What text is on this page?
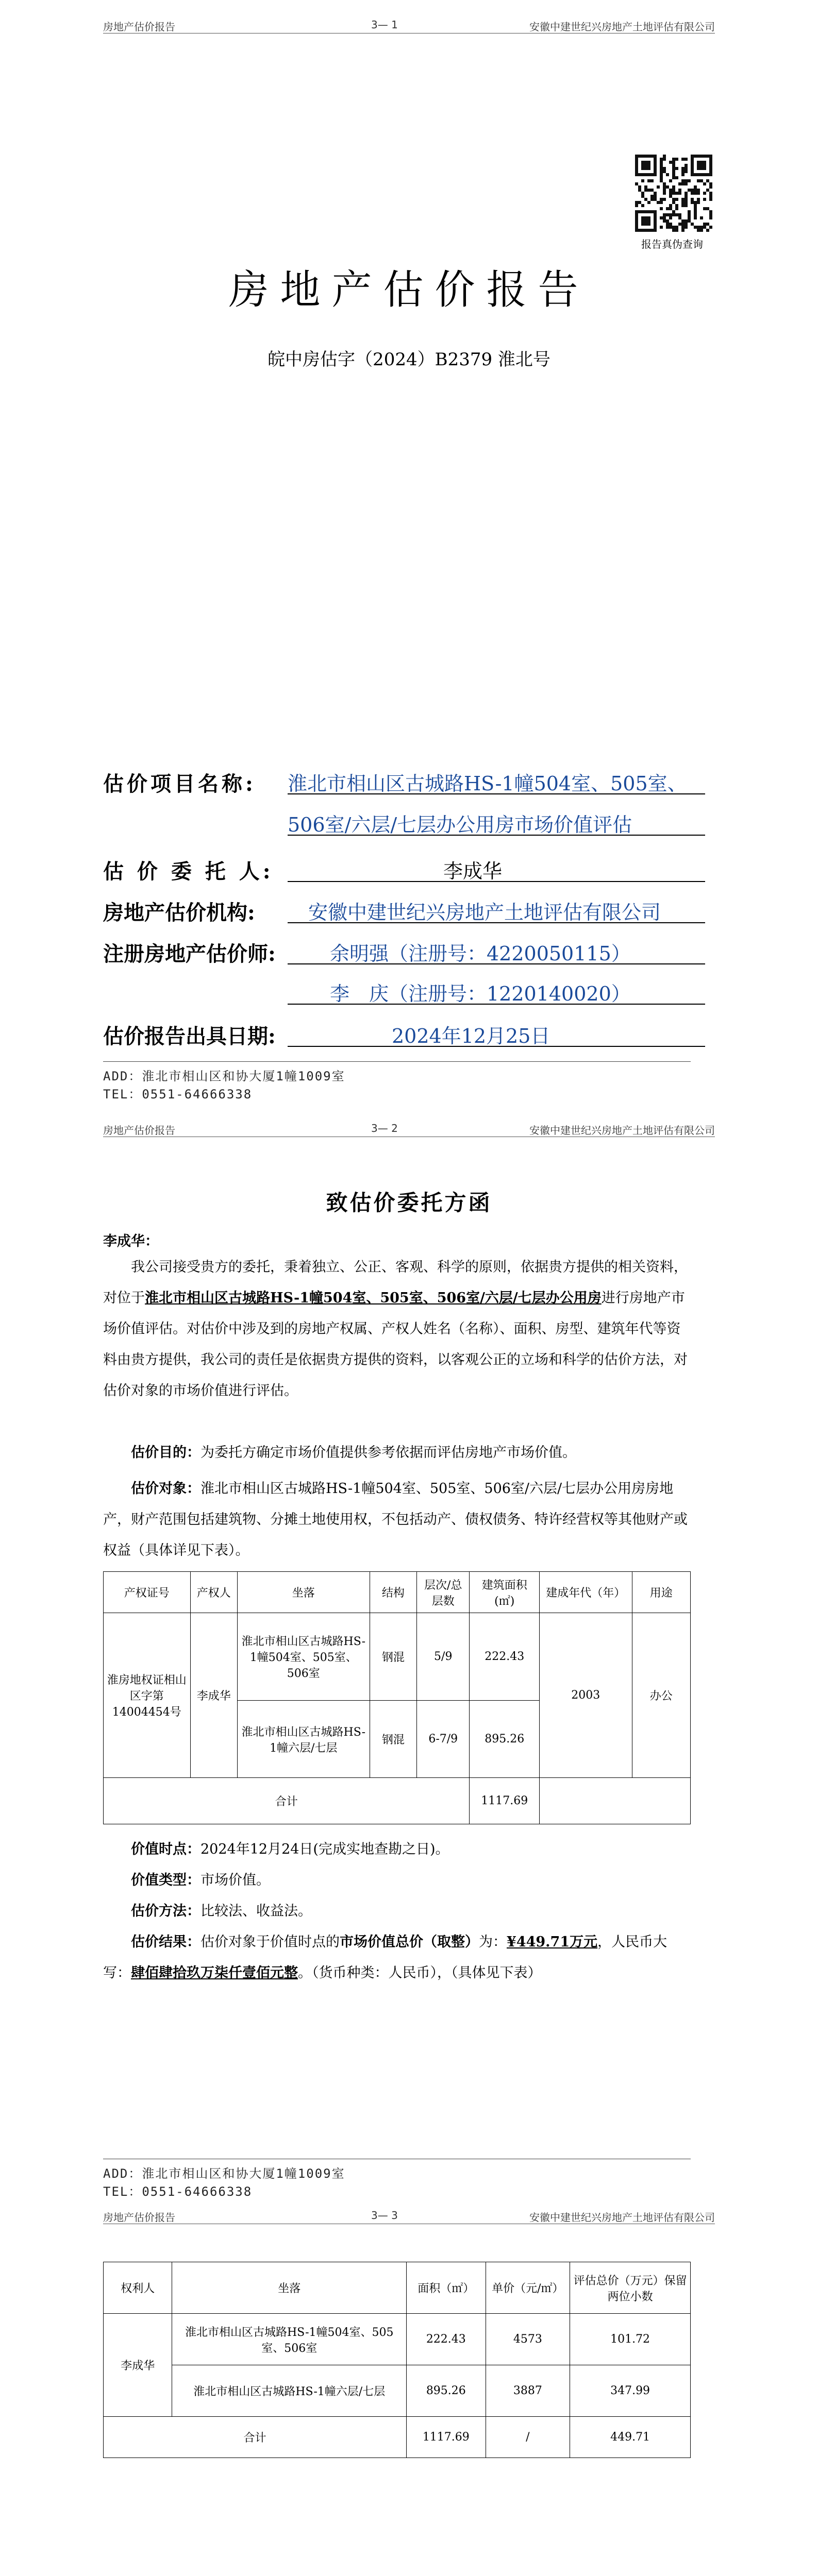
房地产估价报告	3— 1	安徽中建世纪兴房地产土地评估有限公司
报告真伪查询
房地产估价报告
皖中房估字（2024）B2379 淮北号
估价项目名称: 淮北市相山区古城路HS-1幢504室、505室、
506室/六层/七层办公用房市场价值评估
估 价 委 托 人:	李成华
房地产估价机构:	安徽中建世纪兴房地产土地评估有限公司
注册房地产估价师:	余明强（注册号：4220050115）
李　庆（注册号：1220140020）
估价报告出具日期:	2024年12月25日
ADD：淮北市相山区和协大厦1幢1009室
TEL：0551-64666338
房地产估价报告	3— 2	安徽中建世纪兴房地产土地评估有限公司
致估价委托方函
李成华：
我公司接受贵方的委托，秉着独立、公正、客观、科学的原则，依据贵方提供的相关资料，对位于淮北市相山区古城路HS-1幢504室、505室、506室/六层/七层办公用房进行房地产市场价值评估。对估价中涉及到的房地产权属、产权人姓名（名称）、面积、房型、建筑年代等资料由贵方提供，我公司的责任是依据贵方提供的资料，以客观公正的立场和科学的估价方法，对估价对象的市场价值进行评估。
估价目的：为委托方确定市场价值提供参考依据而评估房地产市场价值。
估价对象：淮北市相山区古城路HS-1幢504室、505室、506室/六层/七层办公用房房地产，财产范围包括建筑物、分摊土地使用权，不包括动产、债权债务、特许经营权等其他财产或权益（具体详见下表）。
产权证号	产权人	坐落	结构	层次/总层数	建筑面积(㎡)	建成年代（年）	用途
淮房地权证相山区字第14004454号	李成华	淮北市相山区古城路HS-1幢504室、505室、506室	钢混	5/9	222.43	2003	办公
		淮北市相山区古城路HS-1幢六层/七层	钢混	6-7/9	895.26		
合计					1117.69		
价值时点：2024年12月24日(完成实地查勘之日)。
价值类型：市场价值。
估价方法：比较法、收益法。
估价结果：估价对象于价值时点的市场价值总价（取整）为：¥449.71万元，人民币大写：肆佰肆拾玖万柒仟壹佰元整。（货币种类：人民币），（具体见下表）
ADD：淮北市相山区和协大厦1幢1009室
TEL：0551-64666338
房地产估价报告	3— 3	安徽中建世纪兴房地产土地评估有限公司
权利人	坐落	面积（㎡）	单价（元/㎡）	评估总价（万元）保留两位小数
李成华	淮北市相山区古城路HS-1幢504室、505室、506室	222.43	4573	101.72
	淮北市相山区古城路HS-1幢六层/七层	895.26	3887	347.99
合计		1117.69	/	449.71
